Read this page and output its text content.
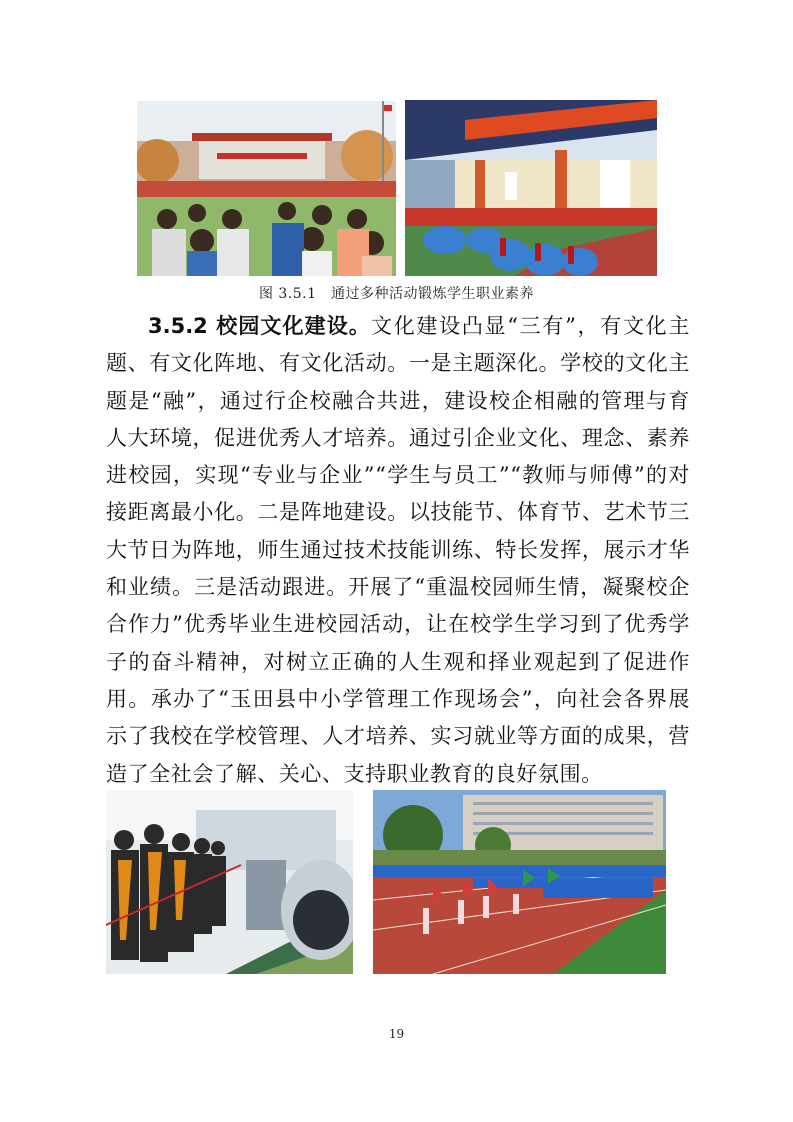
图 3.5.1　通过多种活动锻炼学生职业素养

3.5.2 校园文化建设。文化建设凸显“三有”，有文化主题、有文化阵地、有文化活动。一是主题深化。学校的文化主题是“融”，通过行企校融合共进，建设校企相融的管理与育人大环境，促进优秀人才培养。通过引企业文化、理念、素养进校园，实现“专业与企业”“学生与员工”“教师与师傅”的对接距离最小化。二是阵地建设。以技能节、体育节、艺术节三大节日为阵地，师生通过技术技能训练、特长发挥，展示才华和业绩。三是活动跟进。开展了“重温校园师生情，凝聚校企合作力”优秀毕业生进校园活动，让在校学生学习到了优秀学子的奋斗精神，对树立正确的人生观和择业观起到了促进作用。承办了“玉田县中小学管理工作现场会”，向社会各界展示了我校在学校管理、人才培养、实习就业等方面的成果，营造了全社会了解、关心、支持职业教育的良好氛围。

19
